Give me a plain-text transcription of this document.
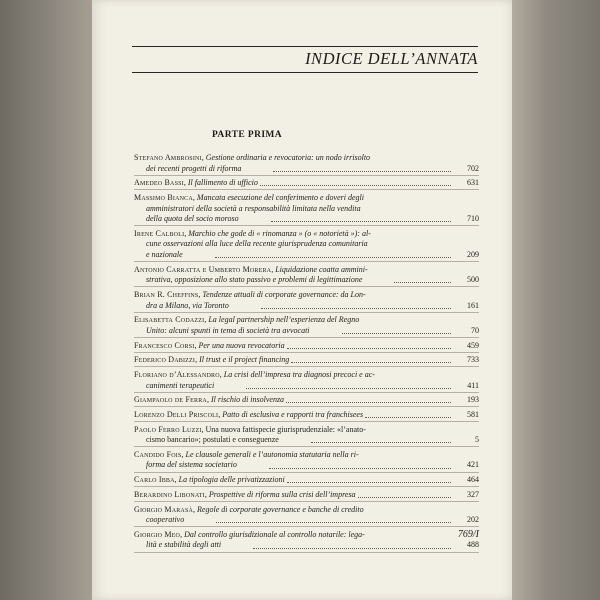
INDICE DELL’ANNATA
PARTE PRIMA
Stefano Ambrosini, Gestione ordinaria e revocatoria: un nodo irrisolto
dei recenti progetti di riforma	702
Amedeo Bassi, Il fallimento di ufficio	631
Massimo Bianca, Mancata esecuzione del conferimento e doveri degli
amministratori della società a responsabilità limitata nella vendita
della quota del socio moroso	710
Irene Calboli, Marchio che gode di « rinomanza » (o « notorietà »): al-
cune osservazioni alla luce della recente giurisprudenza comunitaria
e nazionale	209
Antonio Carratta e Umberto Morera, Liquidazione coatta ammini-
strativa, opposizione allo stato passivo e problemi di legittimazione	500
Brian R. Cheffins, Tendenze attuali di corporate governance: da Lon-
dra a Milano, via Toronto	161
Elisabetta Codazzi, La legal partnership nell’esperienza del Regno
Unito: alcuni spunti in tema di società tra avvocati	70
Francesco Corsi, Per una nuova revocatoria	459
Federico Dabizzi, Il trust e il project financing	733
Floriano d’Alessandro, La crisi dell’impresa tra diagnosi precoci e ac-
canimenti terapeutici	411
Giampaolo de Ferra, Il rischio di insolvenza	193
Lorenzo Delli Priscoli, Patto di esclusiva e rapporti tra franchisees	581
Paolo Ferro Luzzi, Una nuova fattispecie giurisprudenziale: «l’anato-
cismo bancario»; postulati e conseguenze	5
Candido Fois, Le clausole generali e l’autonomia statutaria nella ri-
forma del sistema societario	421
Carlo Ibba, La tipologia delle privatizzazioni	464
Berardino Libonati, Prospettive di riforma sulla crisi dell’impresa	327
Giorgio Marasà, Regole di corporate governance e banche di credito
cooperativo	202
Giorgio Meo, Dal controllo giurisdizionale al controllo notarile: lega-
lità e stabilità degli atti	488
769/I
